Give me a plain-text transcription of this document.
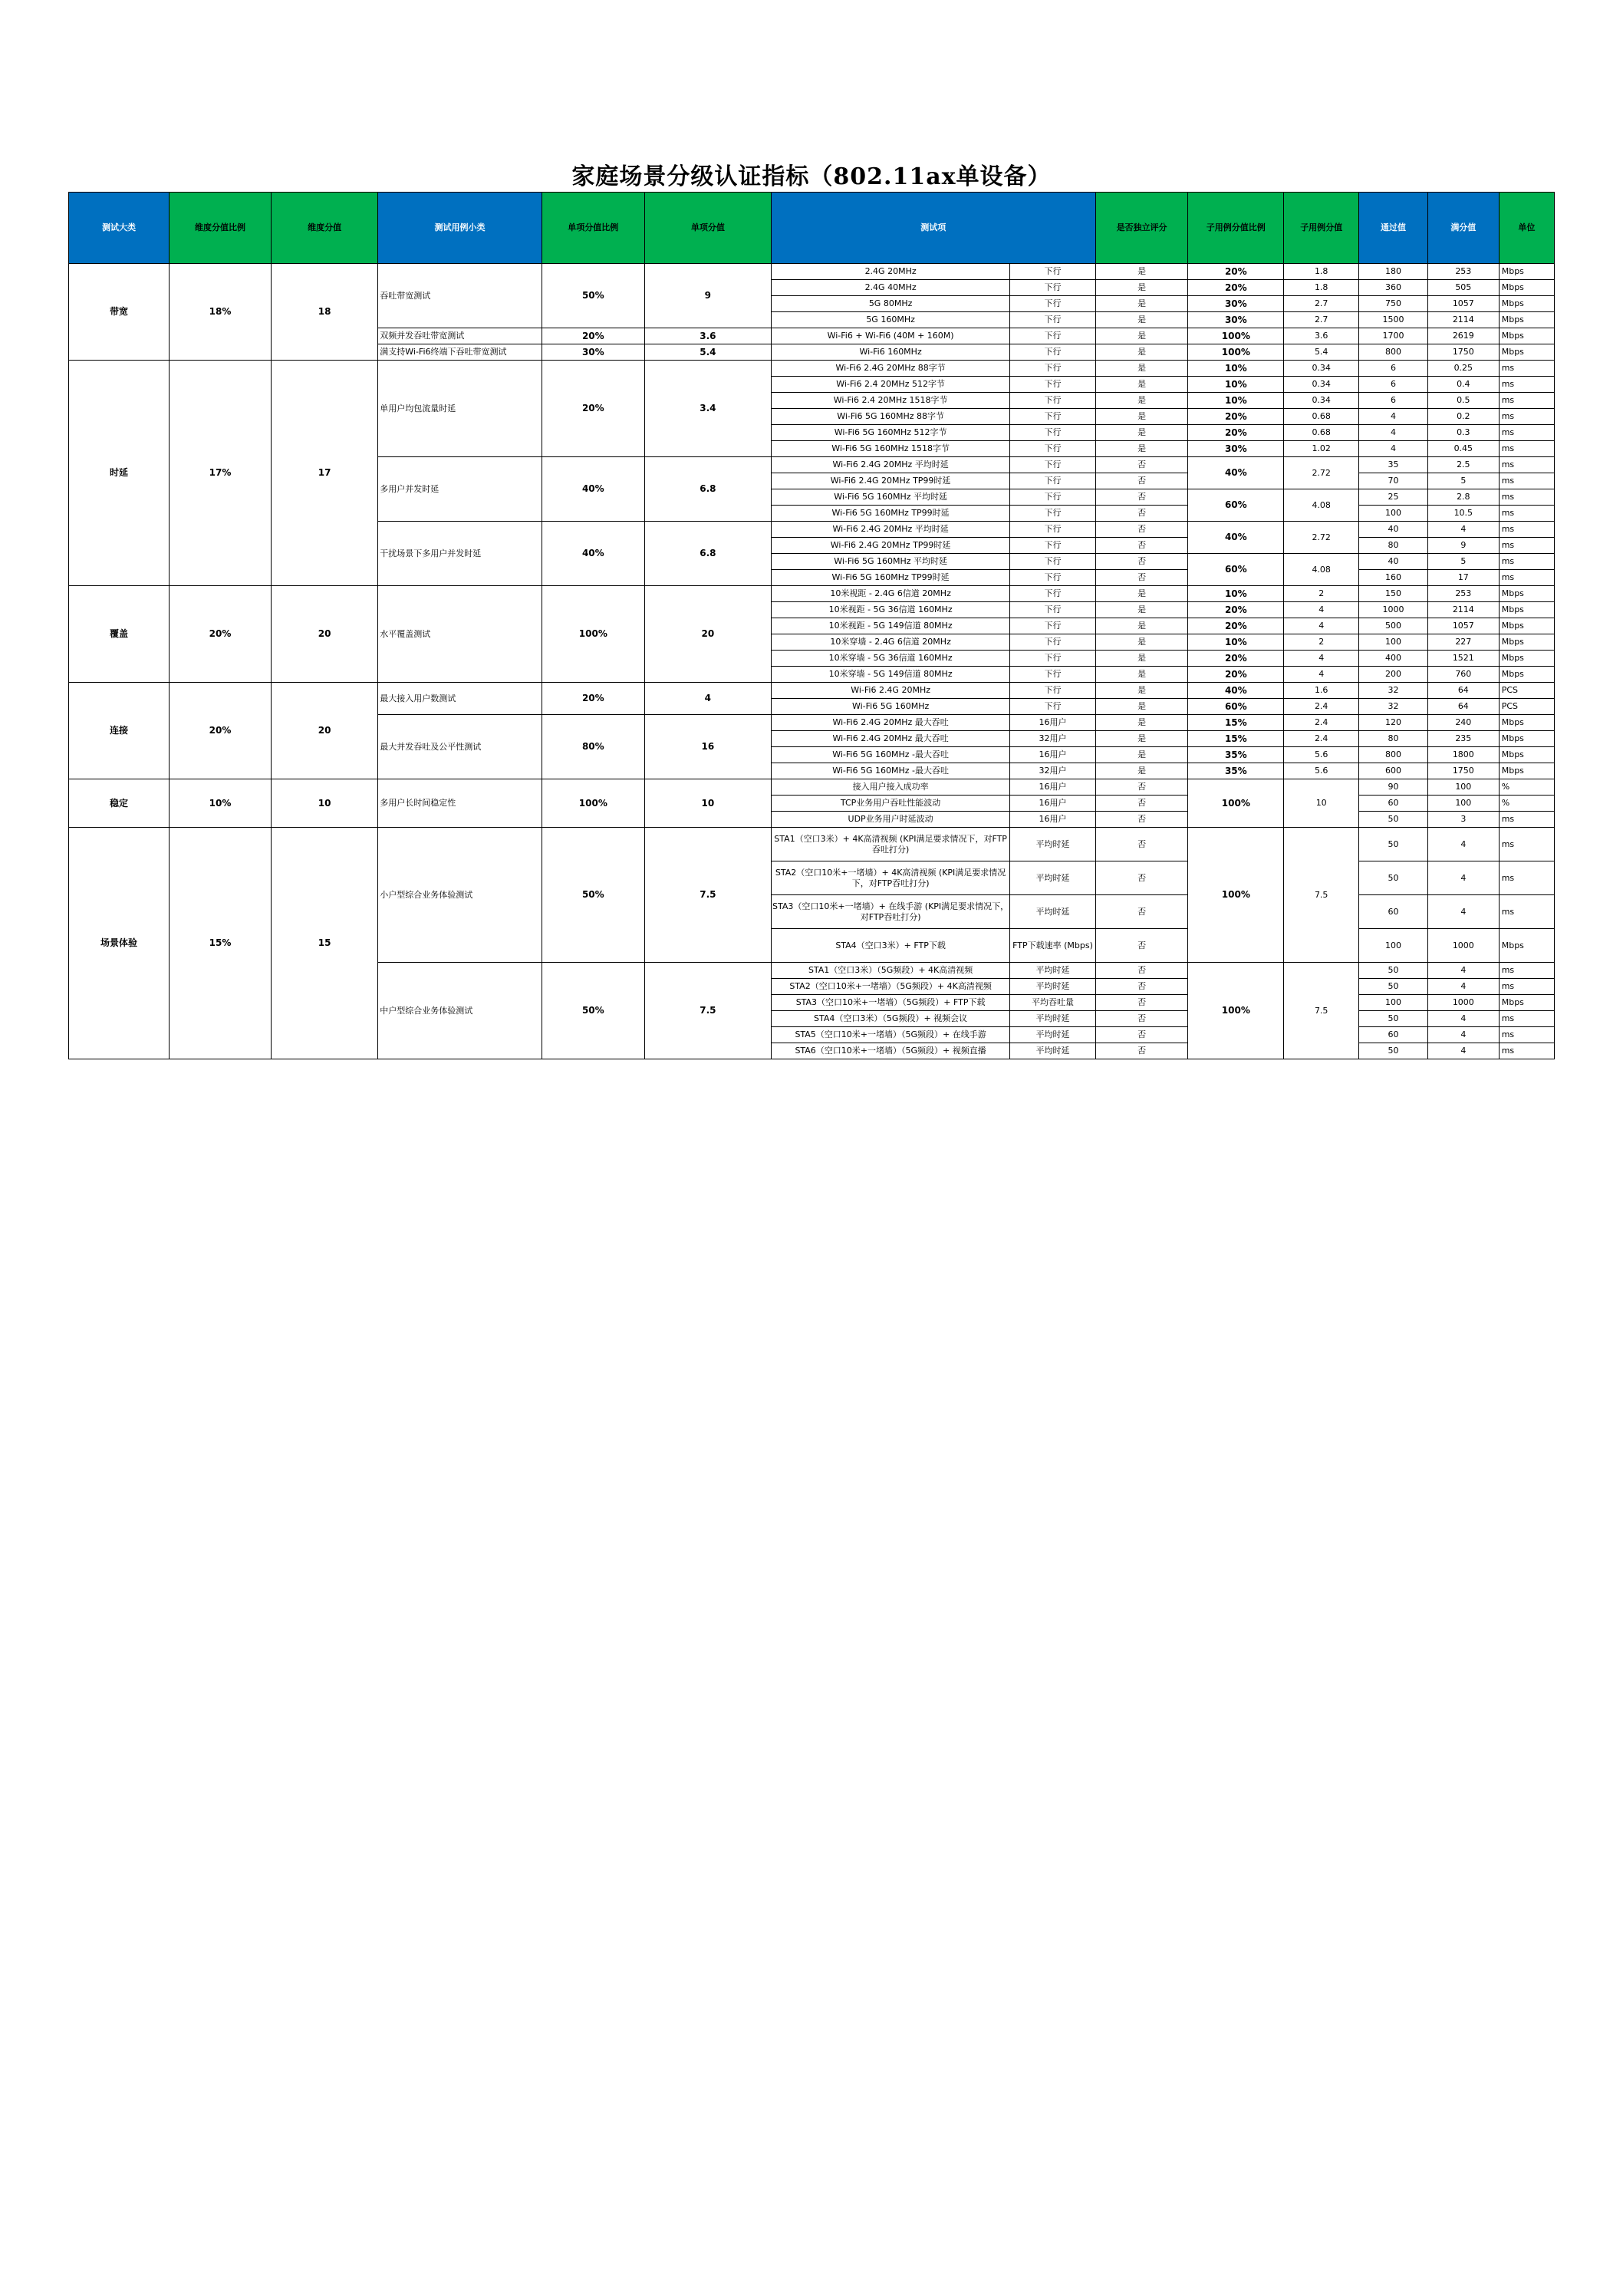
家庭场景分级认证指标（802.11ax单设备）
测试大类	维度分值比例	维度分值	测试用例小类	单项分值比例	单项分值	测试项		是否独立评分	子用例分值比例	子用例分值	通过值	满分值	单位
带宽	18%	18	吞吐带宽测试	50%	9	2.4G 20MHz	下行	是	20%	1.8	180	253	Mbps
						2.4G 40MHz	下行	是	20%	1.8	360	505	Mbps
						5G 80MHz	下行	是	30%	2.7	750	1057	Mbps
						5G 160MHz	下行	是	30%	2.7	1500	2114	Mbps
			双频并发吞吐带宽测试	20%	3.6	Wi-Fi6 + Wi-Fi6 (40M + 160M)	下行	是	100%	3.6	1700	2619	Mbps
			满支持Wi-Fi6终端下吞吐带宽测试	30%	5.4	Wi-Fi6 160MHz	下行	是	100%	5.4	800	1750	Mbps
时延	17%	17	单用户均包流量时延	20%	3.4	Wi-Fi6 2.4G 20MHz 88字节	下行	是	10%	0.34	6	0.25	ms
						Wi-Fi6 2.4 20MHz 512字节	下行	是	10%	0.34	6	0.4	ms
						Wi-Fi6 2.4 20MHz 1518字节	下行	是	10%	0.34	6	0.5	ms
						Wi-Fi6 5G 160MHz 88字节	下行	是	20%	0.68	4	0.2	ms
						Wi-Fi6 5G 160MHz 512字节	下行	是	20%	0.68	4	0.3	ms
						Wi-Fi6 5G 160MHz 1518字节	下行	是	30%	1.02	4	0.45	ms
			多用户并发时延	40%	6.8	Wi-Fi6 2.4G 20MHz 平均时延	下行	否	40%	2.72	35	2.5	ms
						Wi-Fi6 2.4G 20MHz TP99时延	下行	否			70	5	ms
						Wi-Fi6 5G 160MHz 平均时延	下行	否	60%	4.08	25	2.8	ms
						Wi-Fi6 5G 160MHz TP99时延	下行	否			100	10.5	ms
			干扰场景下多用户并发时延	40%	6.8	Wi-Fi6 2.4G 20MHz 平均时延	下行	否	40%	2.72	40	4	ms
						Wi-Fi6 2.4G 20MHz TP99时延	下行	否			80	9	ms
						Wi-Fi6 5G 160MHz 平均时延	下行	否	60%	4.08	40	5	ms
						Wi-Fi6 5G 160MHz TP99时延	下行	否			160	17	ms
覆盖	20%	20	水平覆盖测试	100%	20	10米视距 - 2.4G 6信道 20MHz	下行	是	10%	2	150	253	Mbps
						10米视距 - 5G 36信道 160MHz	下行	是	20%	4	1000	2114	Mbps
						10米视距 - 5G 149信道 80MHz	下行	是	20%	4	500	1057	Mbps
						10米穿墙 - 2.4G 6信道 20MHz	下行	是	10%	2	100	227	Mbps
						10米穿墙 - 5G 36信道 160MHz	下行	是	20%	4	400	1521	Mbps
						10米穿墙 - 5G 149信道 80MHz	下行	是	20%	4	200	760	Mbps
连接	20%	20	最大接入用户数测试	20%	4	Wi-Fi6 2.4G 20MHz	下行	是	40%	1.6	32	64	PCS
						Wi-Fi6 5G 160MHz	下行	是	60%	2.4	32	64	PCS
			最大并发吞吐及公平性测试	80%	16	Wi-Fi6 2.4G 20MHz 最大吞吐	16用户	是	15%	2.4	120	240	Mbps
						Wi-Fi6 2.4G 20MHz 最大吞吐	32用户	是	15%	2.4	80	235	Mbps
						Wi-Fi6 5G 160MHz -最大吞吐	16用户	是	35%	5.6	800	1800	Mbps
						Wi-Fi6 5G 160MHz -最大吞吐	32用户	是	35%	5.6	600	1750	Mbps
稳定	10%	10	多用户长时间稳定性	100%	10	接入用户接入成功率	16用户	否	100%	10	90	100	%
						TCP业务用户吞吐性能波动	16用户	否			60	100	%
						UDP业务用户时延波动	16用户	否			50	3	ms
场景体验	15%	15	小户型综合业务体验测试	50%	7.5	STA1（空口3米）+ 4K高清视频 (KPI满足要求情况下，对FTP吞吐打分)	平均时延	否	100%	7.5	50	4	ms
						STA2（空口10米+一堵墙）+ 4K高清视频 (KPI满足要求情况下，对FTP吞吐打分)	平均时延	否			50	4	ms
						STA3（空口10米+一堵墙）+ 在线手游 (KPI满足要求情况下，对FTP吞吐打分)	平均时延	否			60	4	ms
						STA4（空口3米）+ FTP下载	FTP下载速率 (Mbps)	否			100	1000	Mbps
			中户型综合业务体验测试	50%	7.5	STA1（空口3米）（5G频段）+ 4K高清视频	平均时延	否	100%	7.5	50	4	ms
						STA2（空口10米+一堵墙）（5G频段）+ 4K高清视频	平均时延	否			50	4	ms
						STA3（空口10米+一堵墙）（5G频段）+ FTP下载	平均吞吐量	否			100	1000	Mbps
						STA4（空口3米）（5G频段）+ 视频会议	平均时延	否			50	4	ms
						STA5（空口10米+一堵墙）（5G频段）+ 在线手游	平均时延	否			60	4	ms
						STA6（空口10米+一堵墙）（5G频段）+ 视频直播	平均时延	否			50	4	ms
